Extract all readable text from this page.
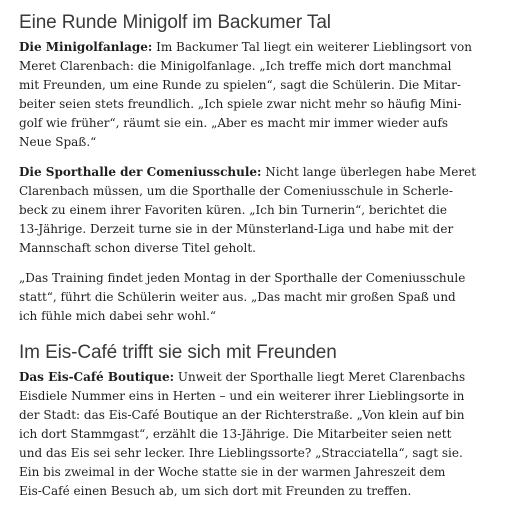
Eine Runde Minigolf im Backumer Tal

Die Minigolfanlage: Im Backumer Tal liegt ein weiterer Lieblingsort von
Meret Clarenbach: die Minigolfanlage. „Ich treffe mich dort manchmal
mit Freunden, um eine Runde zu spielen“, sagt die Schülerin. Die Mitar-
beiter seien stets freundlich. „Ich spiele zwar nicht mehr so häufig Mini-
golf wie früher“, räumt sie ein. „Aber es macht mir immer wieder aufs
Neue Spaß.“

Die Sporthalle der Comeniusschule: Nicht lange überlegen habe Meret
Clarenbach müssen, um die Sporthalle der Comeniusschule in Scherle-
beck zu einem ihrer Favoriten küren. „Ich bin Turnerin“, berichtet die
13-Jährige. Derzeit turne sie in der Münsterland-Liga und habe mit der
Mannschaft schon diverse Titel geholt.

„Das Training findet jeden Montag in der Sporthalle der Comeniusschule
statt“, führt die Schülerin weiter aus. „Das macht mir großen Spaß und
ich fühle mich dabei sehr wohl.“

Im Eis-Café trifft sie sich mit Freunden

Das Eis-Café Boutique: Unweit der Sporthalle liegt Meret Clarenbachs
Eisdiele Nummer eins in Herten – und ein weiterer ihrer Lieblingsorte in
der Stadt: das Eis-Café Boutique an der Richterstraße. „Von klein auf bin
ich dort Stammgast“, erzählt die 13-Jährige. Die Mitarbeiter seien nett
und das Eis sei sehr lecker. Ihre Lieblingssorte? „Stracciatella“, sagt sie.
Ein bis zweimal in der Woche statte sie in der warmen Jahreszeit dem
Eis-Café einen Besuch ab, um sich dort mit Freunden zu treffen.
